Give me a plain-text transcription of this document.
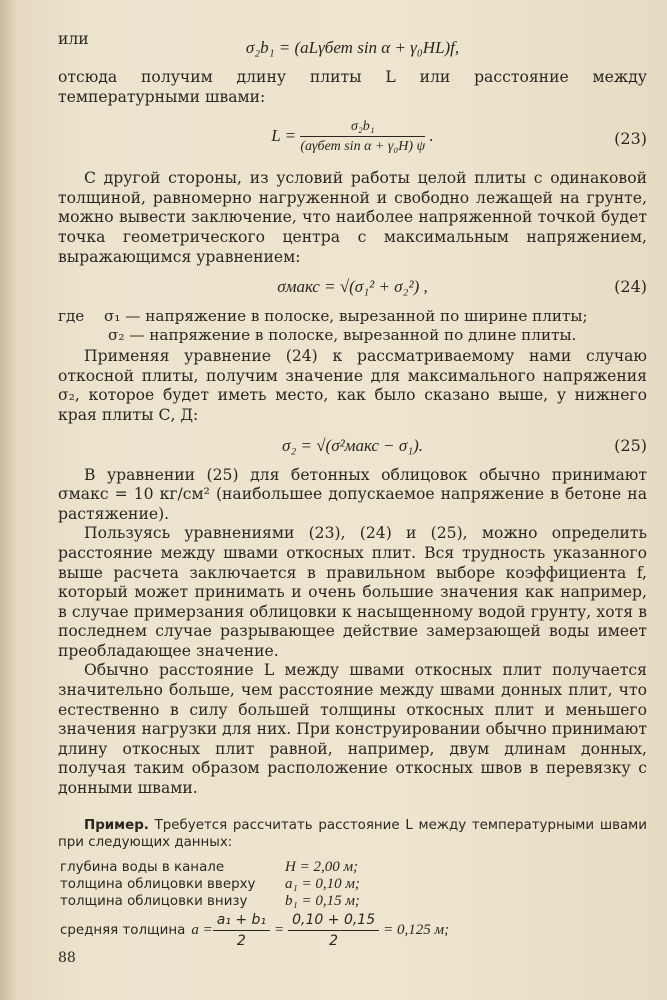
или	σ₂b₁ = (aLγбет sin α + γ₀HL)f,

отсюда получим длину плиты L или расстояние между температурными швами:

$L = \frac{\text{σ₂b₁}}{\text{(aγбет sin α + γ₀H) ψ}}$ .	(23)

С другой стороны, из условий работы целой плиты с одинаковой толщиной, равномерно нагруженной и свободно лежащей на грунте, можно вывести заключение, что наиболее напряженной точкой будет точка геометрического центра с максимальным напряжением, выражающимся уравнением:

σмакс = √(σ₁² + σ₂²) ,	(24)
где σ₁ — напряжение в полоске, вырезанной по ширине плиты;
σ₂ — напряжение в полоске, вырезанной по длине плиты.

Применяя уравнение (24) к рассматриваемому нами случаю откосной плиты, получим значение для максимального напряжения σ₂, которое будет иметь место, как было сказано выше, у нижнего края плиты С, Д:

σ₂ = √(σ²макс − σ₁).	(25)

В уравнении (25) для бетонных облицовок обычно принимают σмакс = 10 кг/см² (наибольшее допускаемое напряжение в бетоне на растяжение).

Пользуясь уравнениями (23), (24) и (25), можно определить расстояние между швами откосных плит. Вся трудность указанного выше расчета заключается в правильном выборе коэффициента f, который может принимать и очень большие значения как например, в случае примерзания облицовки к насыщенному водой грунту, хотя в последнем случае разрывающее действие замерзающей воды имеет преобладающее значение.

Обычно расстояние L между швами откосных плит получается значительно больше, чем расстояние между швами донных плит, что естественно в силу большей толщины откосных плит и меньшего значения нагрузки для них. При конструировании обычно принимают длину откосных плит равной, например, двум длинам донных, получая таким образом расположение откосных швов в перевязку с донными швами.

Пример. Требуется рассчитать расстояние L между температурными швами при следующих данных:
глубина воды в канале	H = 2,00 м;
толщина облицовки вверху	a₁ = 0,10 м;
толщина облицовки внизу	b₁ = 0,15 м;
средняя толщина $a = \frac{\text{a₁ + b₁}}{2} = \frac{0,10 + 0,15}{2} = 0,125$ м;
88
